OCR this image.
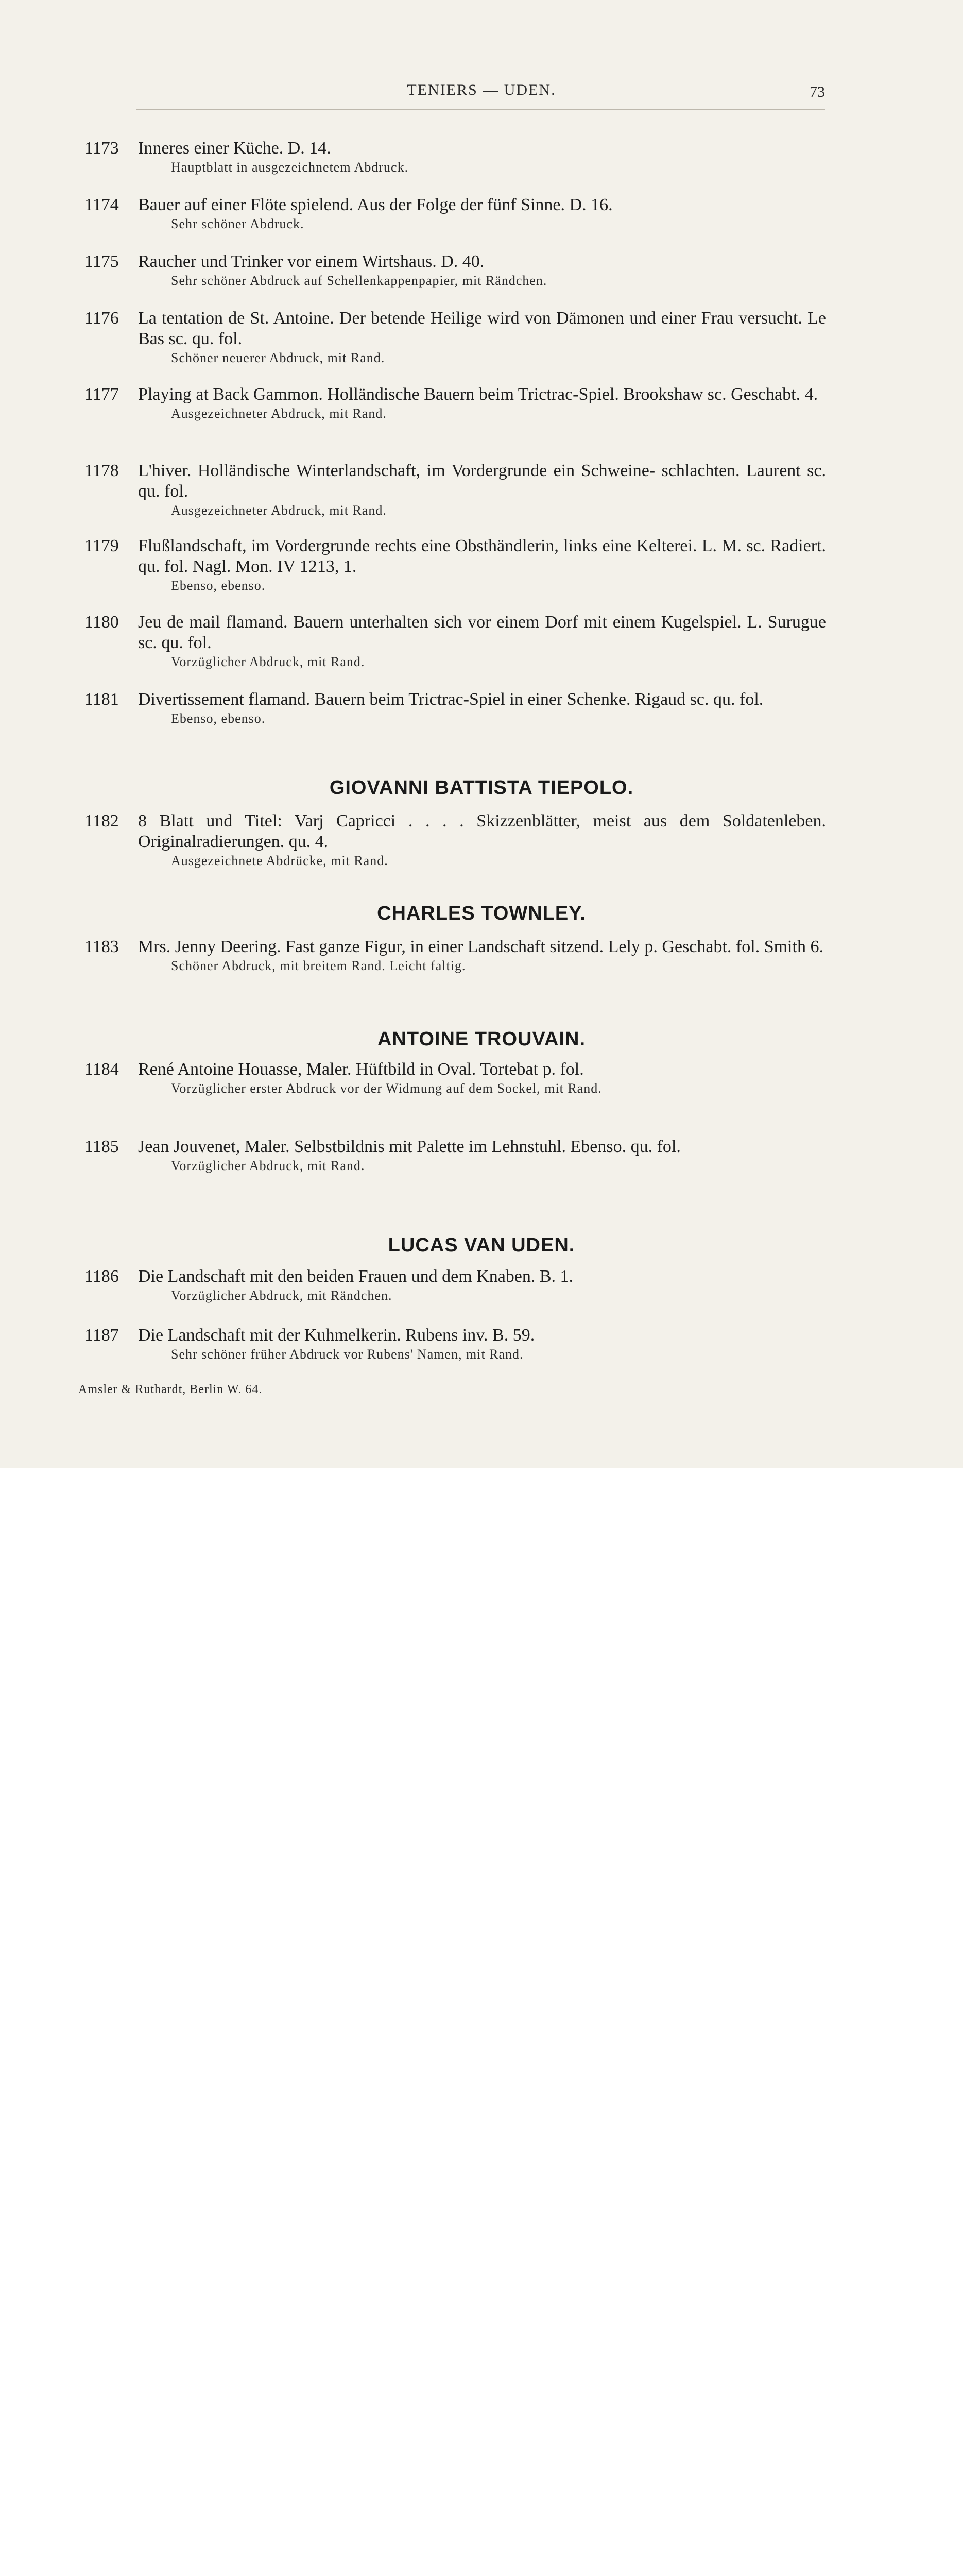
TENIERS — UDEN.	73
1173	Inneres einer Küche. D. 14.
Hauptblatt in ausgezeichnetem Abdruck.
1174	Bauer auf einer Flöte spielend. Aus der Folge der fünf Sinne. D. 16.
Sehr schöner Abdruck.
1175	Raucher und Trinker vor einem Wirtshaus. D. 40.
Sehr schöner Abdruck auf Schellenkappenpapier, mit Rändchen.
1176	La tentation de St. Antoine. Der betende Heilige wird von Dämonen und einer Frau versucht. Le Bas sc. qu. fol.
Schöner neuerer Abdruck, mit Rand.
1177	Playing at Back Gammon. Holländische Bauern beim Trictrac-Spiel. Brookshaw sc. Geschabt. 4.
Ausgezeichneter Abdruck, mit Rand.
1178	L'hiver. Holländische Winterlandschaft, im Vordergrunde ein Schweine- schlachten. Laurent sc. qu. fol.
Ausgezeichneter Abdruck, mit Rand.
1179	Flußlandschaft, im Vordergrunde rechts eine Obsthändlerin, links eine Kelterei. L. M. sc. Radiert. qu. fol. Nagl. Mon. IV 1213, 1.
Ebenso, ebenso.
1180	Jeu de mail flamand. Bauern unterhalten sich vor einem Dorf mit einem Kugelspiel. L. Surugue sc. qu. fol.
Vorzüglicher Abdruck, mit Rand.
1181	Divertissement flamand. Bauern beim Trictrac-Spiel in einer Schenke. Rigaud sc. qu. fol.
Ebenso, ebenso.
GIOVANNI BATTISTA TIEPOLO.
1182	8 Blatt und Titel: Varj Capricci . . . . Skizzenblätter, meist aus dem Soldatenleben. Originalradierungen. qu. 4.
Ausgezeichnete Abdrücke, mit Rand.
CHARLES TOWNLEY.
1183	Mrs. Jenny Deering. Fast ganze Figur, in einer Landschaft sitzend. Lely p. Geschabt. fol. Smith 6.
Schöner Abdruck, mit breitem Rand. Leicht faltig.
ANTOINE TROUVAIN.
1184	René Antoine Houasse, Maler. Hüftbild in Oval. Tortebat p. fol.
Vorzüglicher erster Abdruck vor der Widmung auf dem Sockel, mit Rand.
1185	Jean Jouvenet, Maler. Selbstbildnis mit Palette im Lehnstuhl. Ebenso. qu. fol.
Vorzüglicher Abdruck, mit Rand.
LUCAS VAN UDEN.
1186	Die Landschaft mit den beiden Frauen und dem Knaben. B. 1.
Vorzüglicher Abdruck, mit Rändchen.
1187	Die Landschaft mit der Kuhmelkerin. Rubens inv. B. 59.
Sehr schöner früher Abdruck vor Rubens' Namen, mit Rand.
Amsler & Ruthardt, Berlin W. 64.
